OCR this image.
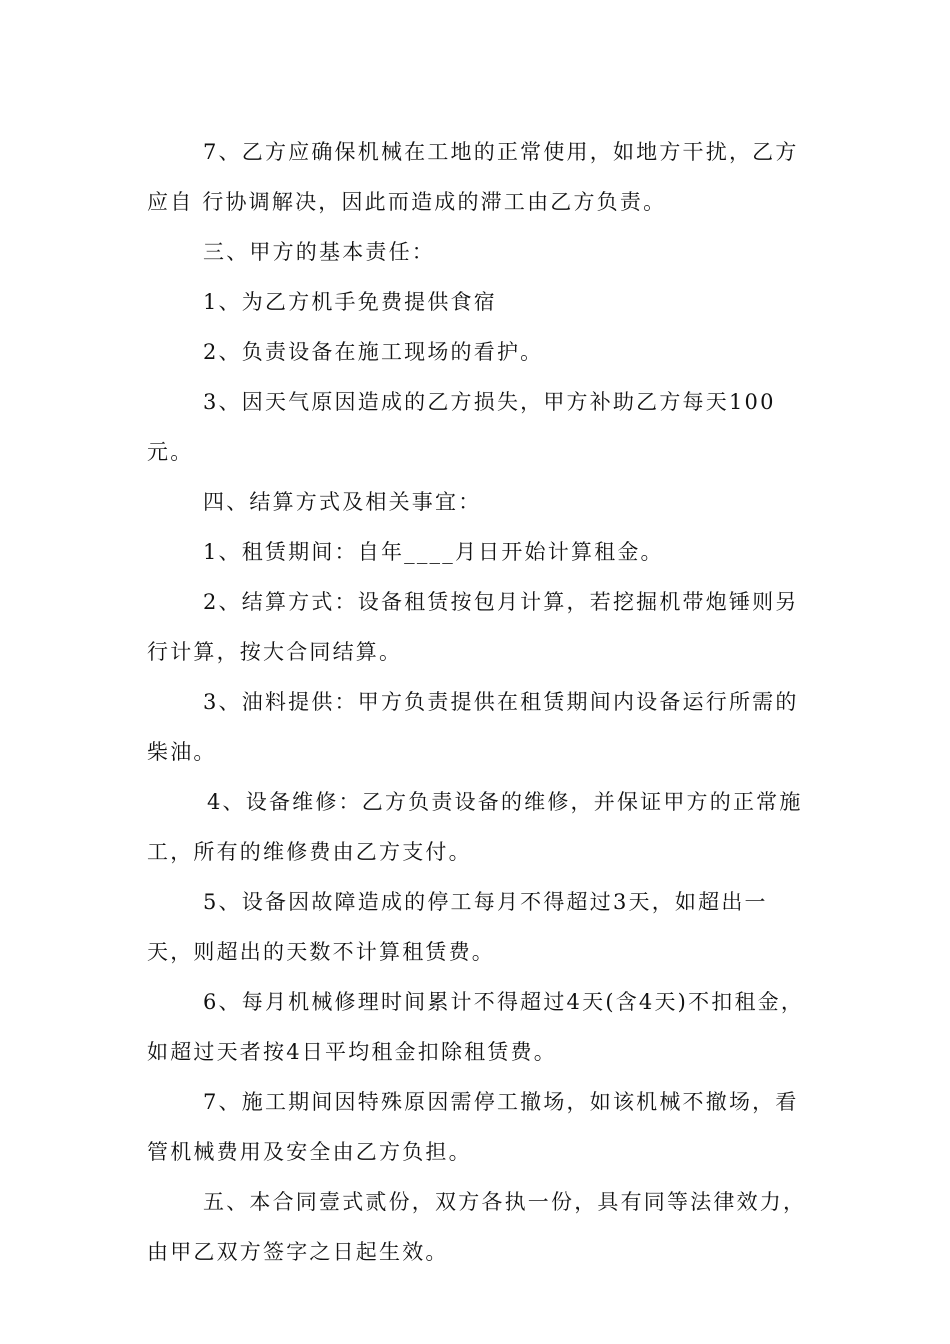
7、乙方应确保机械在工地的正常使用，如地方干扰，乙方应自 行协调解决，因此而造成的滞工由乙方负责。

三、甲方的基本责任：

1、为乙方机手免费提供食宿

2、负责设备在施工现场的看护。

3、因天气原因造成的乙方损失，甲方补助乙方每天100元。

四、结算方式及相关事宜：

1、租赁期间：自年____月日开始计算租金。

2、结算方式：设备租赁按包月计算，若挖掘机带炮锤则另行计算，按大合同结算。

3、油料提供：甲方负责提供在租赁期间内设备运行所需的柴油。

4、设备维修：乙方负责设备的维修，并保证甲方的正常施工，所有的维修费由乙方支付。

5、设备因故障造成的停工每月不得超过3天，如超出一天，则超出的天数不计算租赁费。

6、每月机械修理时间累计不得超过4天(含4天)不扣租金，如超过天者按4日平均租金扣除租赁费。

7、施工期间因特殊原因需停工撤场，如该机械不撤场，看管机械费用及安全由乙方负担。

五、本合同壹式贰份，双方各执一份，具有同等法律效力，由甲乙双方签字之日起生效。
